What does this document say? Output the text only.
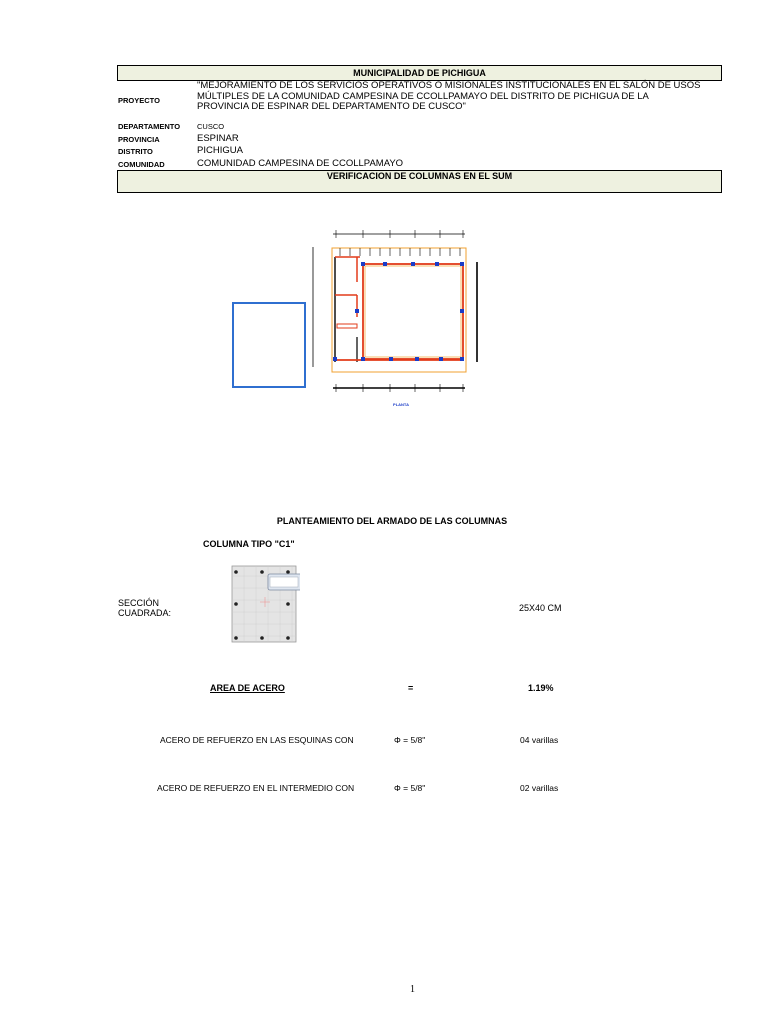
MUNICIPALIDAD DE PICHIGUA
PROYECTO
"MEJORAMIENTO DE LOS SERVICIOS OPERATIVOS O MISIONALES INSTITUCIONALES EN EL SALÓN DE USOS MÚLTIPLES DE LA COMUNIDAD CAMPESINA DE CCOLLPAMAYO DEL DISTRITO DE PICHIGUA DE LA PROVINCIA DE ESPINAR DEL DEPARTAMENTO DE CUSCO"
DEPARTAMENTO CUSCO
PROVINCIA	ESPINAR
DISTRITO	PICHIGUA
COMUNIDAD	COMUNIDAD CAMPESINA DE CCOLLPAMAYO
VERIFICACION DE COLUMNAS EN EL SUM
PLANTA
PLANTEAMIENTO DEL ARMADO DE LAS COLUMNAS
COLUMNA TIPO "C1"
SECCIÓN CUADRADA:	25X40 CM
AREA DE ACERO	=	1.19%
ACERO DE REFUERZO EN LAS ESQUINAS CON	Φ = 5/8"	04 varillas
ACERO DE REFUERZO EN EL INTERMEDIO CON	Φ = 5/8"	02 varillas
1
